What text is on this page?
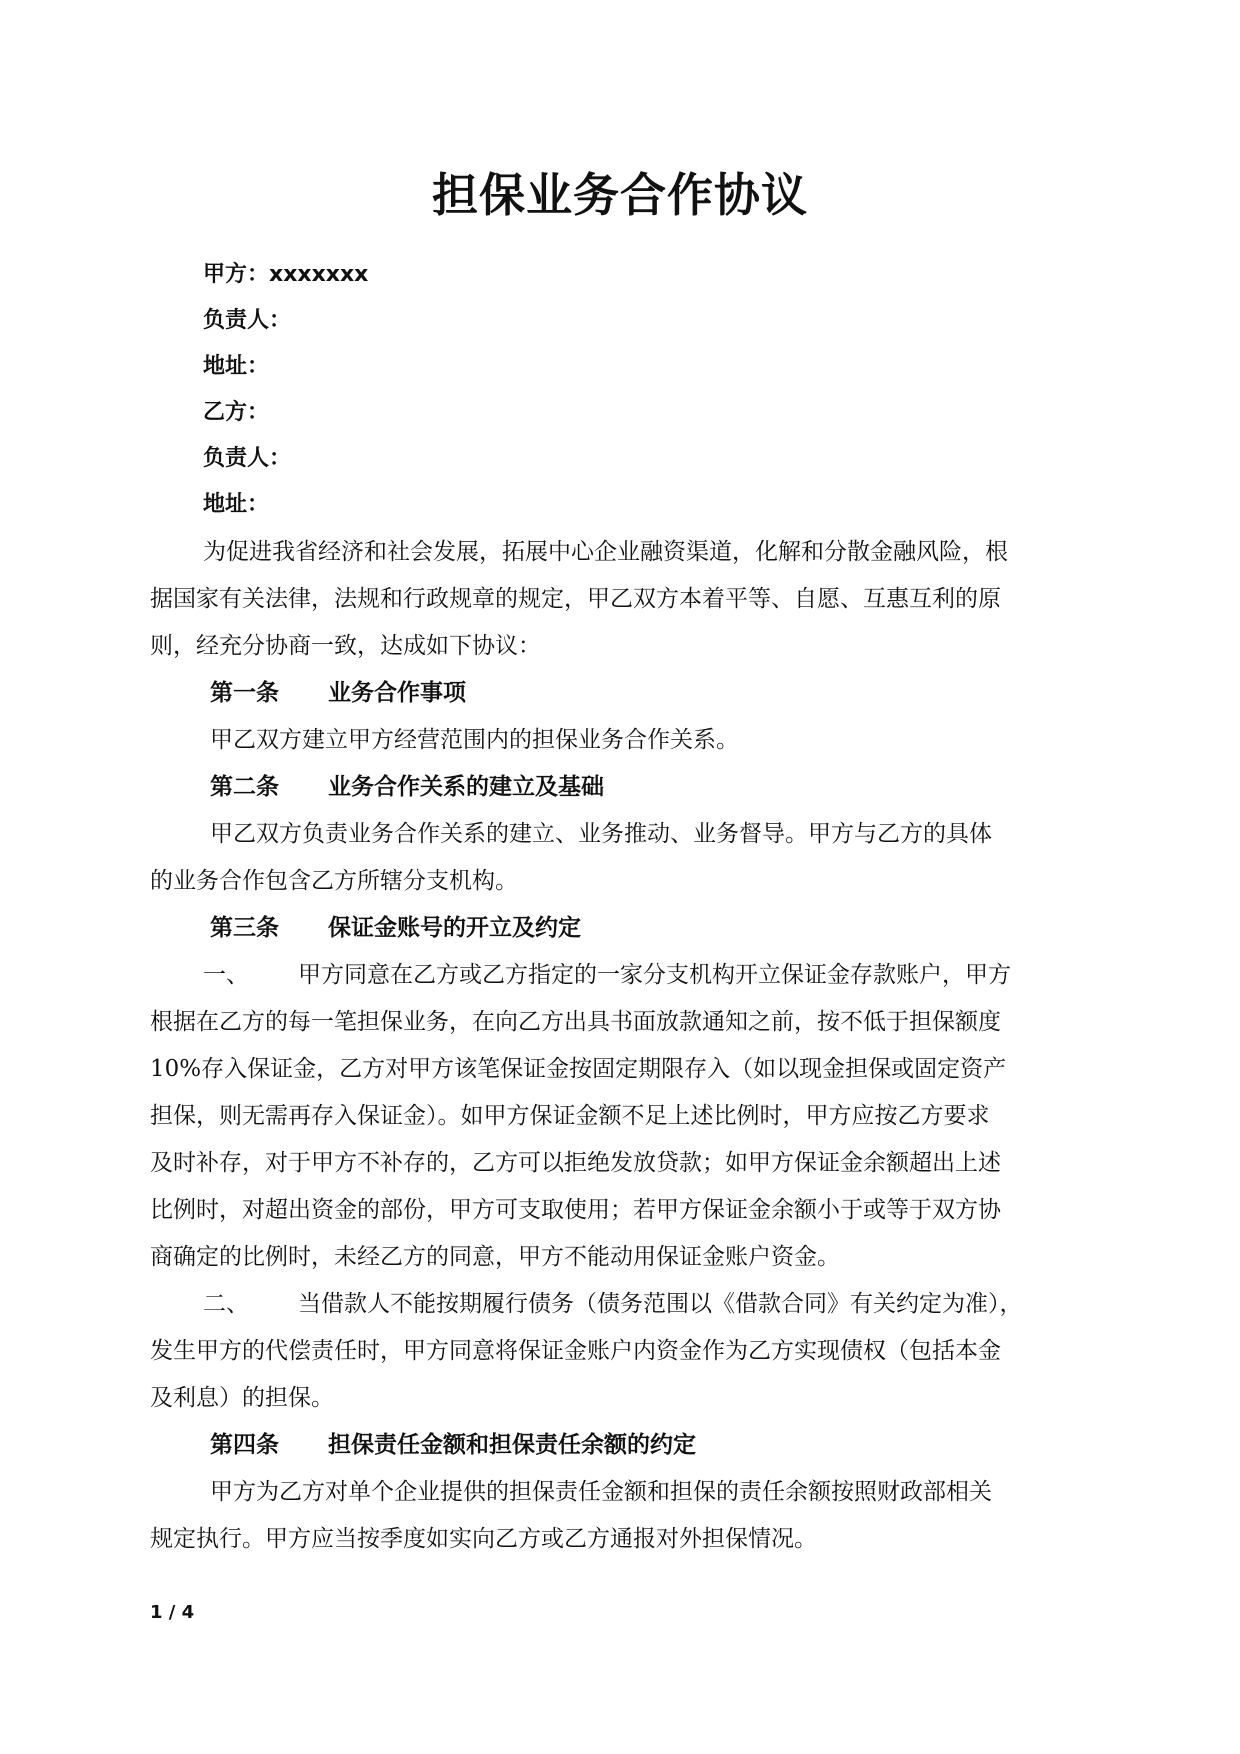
担保业务合作协议
甲方：xxxxxxx
负责人：
地址：
乙方：
负责人：
地址：
为促进我省经济和社会发展，拓展中心企业融资渠道，化解和分散金融风险，根
据国家有关法律，法规和行政规章的规定，甲乙双方本着平等、自愿、互惠互利的原
则，经充分协商一致，达成如下协议：
第一条 业务合作事项
甲乙双方建立甲方经营范围内的担保业务合作关系。
第二条 业务合作关系的建立及基础
甲乙双方负责业务合作关系的建立、业务推动、业务督导。甲方与乙方的具体
的业务合作包含乙方所辖分支机构。
第三条 保证金账号的开立及约定
一、 甲方同意在乙方或乙方指定的一家分支机构开立保证金存款账户，甲方
根据在乙方的每一笔担保业务，在向乙方出具书面放款通知之前，按不低于担保额度
10%存入保证金，乙方对甲方该笔保证金按固定期限存入（如以现金担保或固定资产
担保，则无需再存入保证金）。如甲方保证金额不足上述比例时，甲方应按乙方要求
及时补存，对于甲方不补存的，乙方可以拒绝发放贷款；如甲方保证金余额超出上述
比例时，对超出资金的部份，甲方可支取使用；若甲方保证金余额小于或等于双方协
商确定的比例时，未经乙方的同意，甲方不能动用保证金账户资金。
二、 当借款人不能按期履行债务（债务范围以《借款合同》有关约定为准），
发生甲方的代偿责任时，甲方同意将保证金账户内资金作为乙方实现债权（包括本金
及利息）的担保。
第四条 担保责任金额和担保责任余额的约定
甲方为乙方对单个企业提供的担保责任金额和担保的责任余额按照财政部相关
规定执行。甲方应当按季度如实向乙方或乙方通报对外担保情况。
1 / 4
